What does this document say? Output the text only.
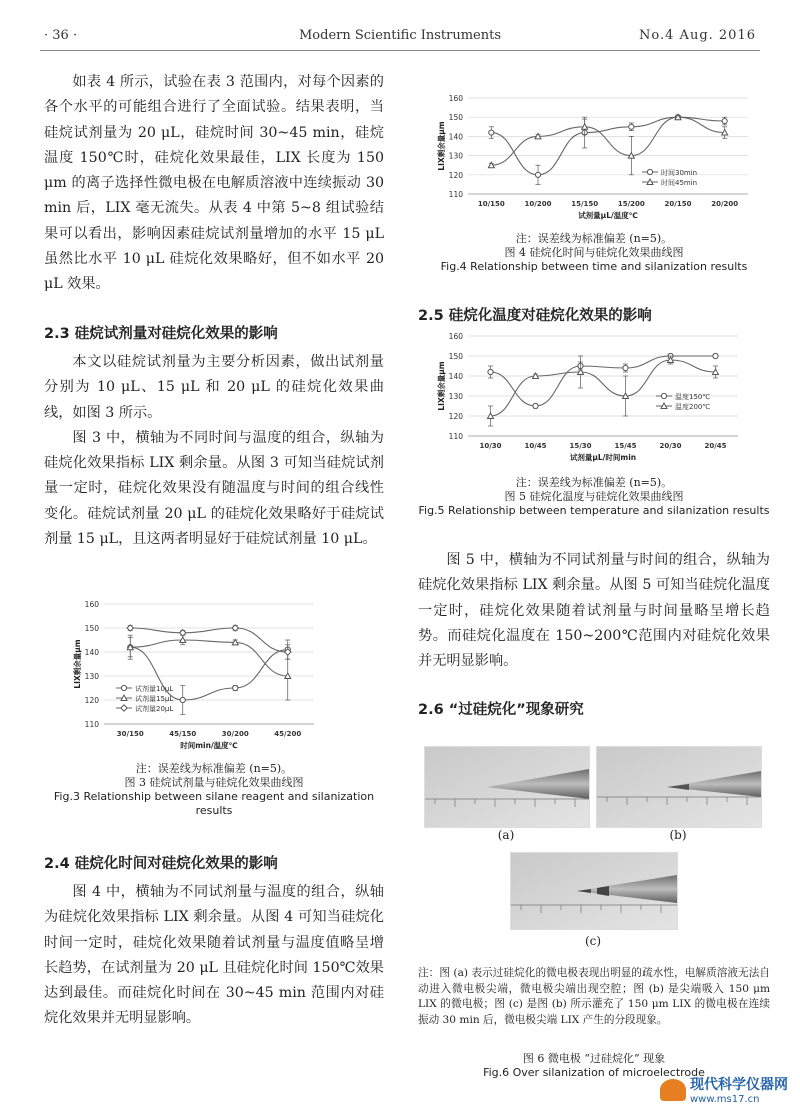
· 36 ·	Modern Scientific Instruments	No.4 Aug. 2016

如表 4 所示，试验在表 3 范围内，对每个因素的各个水平的可能组合进行了全面试验。结果表明，当硅烷试剂量为 20 μL，硅烷时间 30~45 min，硅烷温度 150℃时，硅烷化效果最佳，LIX 长度为 150 μm 的离子选择性微电极在电解质溶液中连续振动 30 min 后，LIX 毫无流失。从表 4 中第 5~8 组试验结果可以看出，影响因素硅烷试剂量增加的水平 15 μL 虽然比水平 10 μL 硅烷化效果略好，但不如水平 20 μL 效果。

2.3 硅烷试剂量对硅烷化效果的影响

本文以硅烷试剂量为主要分析因素，做出试剂量分别为 10 μL、15 μL 和 20 μL 的硅烷化效果曲线，如图 3 所示。

图 3 中，横轴为不同时间与温度的组合，纵轴为硅烷化效果指标 LIX 剩余量。从图 3 可知当硅烷试剂量一定时，硅烷化效果没有随温度与时间的组合线性变化。硅烷试剂量 20 μL 的硅烷化效果略好于硅烷试剂量 15 μL，且这两者明显好于硅烷试剂量 10 μL。

110
120
130
140
150
160
30/150	45/150	30/200	45/200
时间min/温度℃
LIX剩余量μm
试剂量10μL
试剂量15μL
试剂量20μL
注：误差线为标准偏差 (n=5)。
图 3 硅烷试剂量与硅烷化效果曲线图
Fig.3 Relationship between silane reagent and silanization results
2.4 硅烷化时间对硅烷化效果的影响

图 4 中，横轴为不同试剂量与温度的组合，纵轴为硅烷化效果指标 LIX 剩余量。从图 4 可知当硅烷化时间一定时，硅烷化效果随着试剂量与温度值略呈增长趋势，在试剂量为 20 μL 且硅烷化时间 150℃效果达到最佳。而硅烷化时间在 30~45 min 范围内对硅烷化效果并无明显影响。

110
120
130
140
150
160
10/150	10/200	15/150	15/200	20/150	20/200
试剂量μL/温度℃
LIX剩余量μm
时间30min
时间45min
注：误差线为标准偏差 (n=5)。
图 4 硅烷化时间与硅烷化效果曲线图
Fig.4 Relationship between time and silanization results
2.5 硅烷化温度对硅烷化效果的影响
110
120
130
140
150
160
10/30	10/45	15/30	15/45	20/30	20/45
试剂量μL/时间min
LIX剩余量μm	温度150℃
温度200℃
注：误差线为标准偏差 (n=5)。
图 5 硅烷化温度与硅烷化效果曲线图
Fig.5 Relationship between temperature and silanization results

图 5 中，横轴为不同试剂量与时间的组合，纵轴为硅烷化效果指标 LIX 剩余量。从图 5 可知当硅烷化温度一定时，硅烷化效果随着试剂量与时间量略呈增长趋势。而硅烷化温度在 150~200℃范围内对硅烷化效果并无明显影响。

2.6 “过硅烷化”现象研究
(a)	(b)
(c)
注：图 (a) 表示过硅烷化的微电极表现出明显的疏水性，电解质溶液无法自动进入微电极尖端，微电极尖端出现空腔；图 (b) 是尖端吸入 150 μm LIX 的微电极；图 (c) 是图 (b) 所示灌充了 150 μm LIX 的微电极在连续振动 30 min 后，微电极尖端 LIX 产生的分段现象。
图 6 微电极 “过硅烷化” 现象
Fig.6 Over silanization of microelectrode
现代科学仪器网
www.ms17.cn
